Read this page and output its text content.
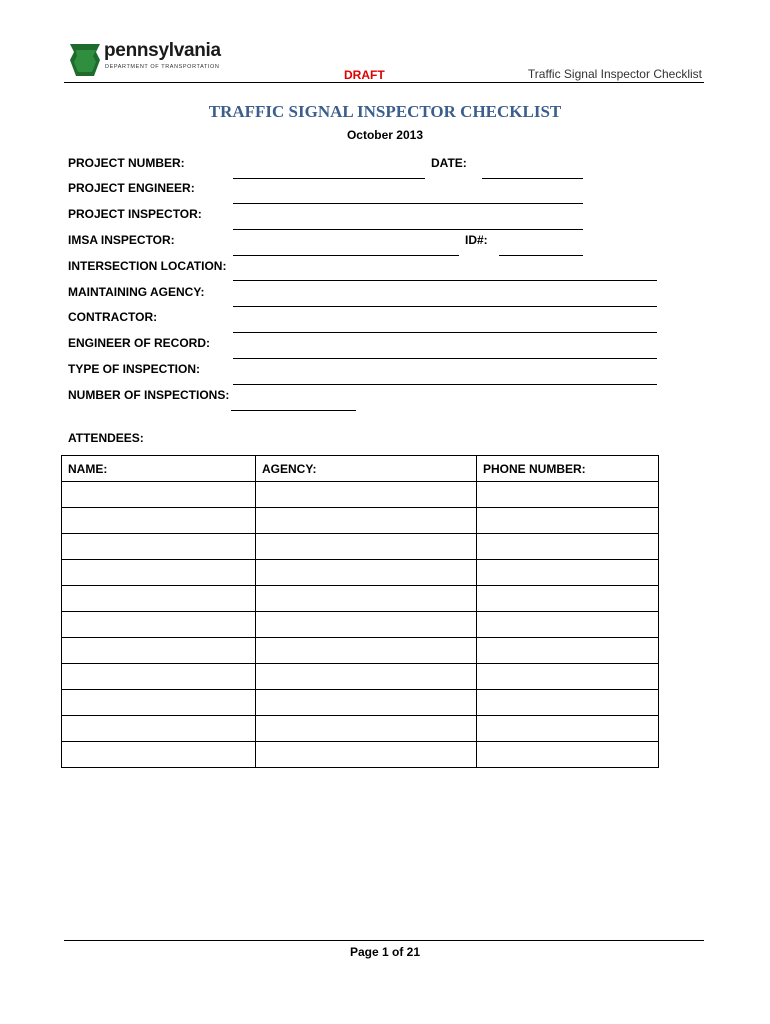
pennsylvania
DEPARTMENT OF TRANSPORTATION
DRAFT	Traffic Signal Inspector Checklist
TRAFFIC SIGNAL INSPECTOR CHECKLIST
October 2013
PROJECT NUMBER:	DATE:
PROJECT ENGINEER:
PROJECT INSPECTOR:
IMSA INSPECTOR:	ID#:
INTERSECTION LOCATION:
MAINTAINING AGENCY:
CONTRACTOR:
ENGINEER OF RECORD:
TYPE OF INSPECTION:
NUMBER OF INSPECTIONS:
ATTENDEES:
NAME:	AGENCY:	PHONE NUMBER:

Page 1 of 21
